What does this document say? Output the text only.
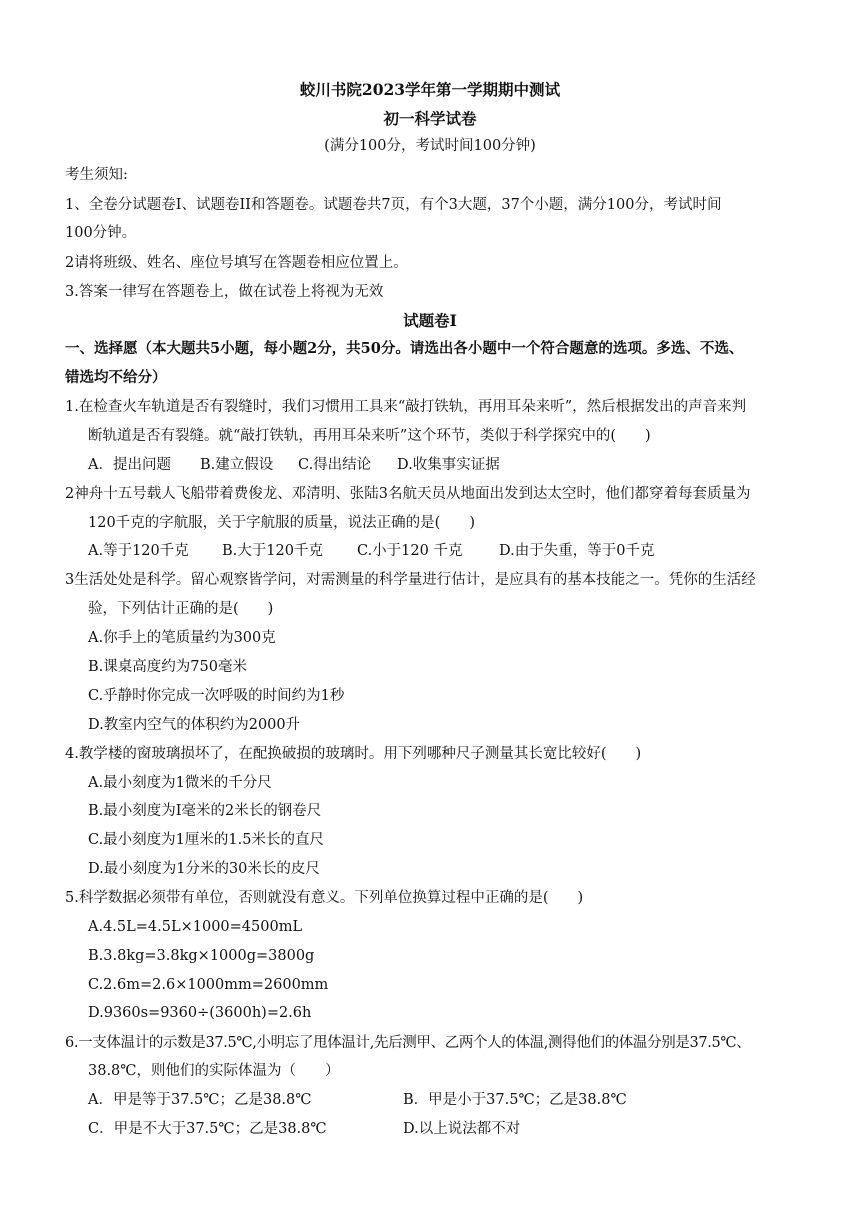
蛟川书院2023学年第一学期期中测试
初一科学试卷
(满分100分，考试时间100分钟)
考生须知:
1、全卷分试题卷I、试题卷II和答题卷。试题卷共7页，有个3大题，37个小题，满分100分，考试时间
100分钟。
2请将班级、姓名、座位号填写在答题卷相应位置上。
3.答案一律写在答题卷上，做在试卷上将视为无效
试题卷Ⅰ
一、选择愿（本大题共5小题，每小题2分，共50分。请选出各小题中一个符合题意的选项。多选、不选、
错选均不给分）
1.在检查火车轨道是否有裂缝时，我们习惯用工具来“敲打铁轨，再用耳朵来听”，然后根据发出的声音来判
断轨道是否有裂缝。就“敲打铁轨，再用耳朵来听”这个环节，类似于科学探究中的(　　)
A．提出问题 B.建立假设 C.得出结论 D.收集事实证据
2神舟十五号载人飞船带着费俊龙、邓清明、张陆3名航天员从地面出发到达太空时，他们都穿着每套质量为
120千克的字航服，关于字航服的质量，说法正确的是(　　)
A.等于120千克 B.大于120千克 C.小于120 千克	D.由于失重，等于0千克
3生活处处是科学。留心观察皆学问，对需测量的科学量进行估计，是应具有的基本技能之一。凭你的生活经
验，下列估计正确的是(　　)
A.你手上的笔质量约为300克
B.课桌高度约为750毫米
C.乎静时你完成一次呼吸的时间约为1秒
D.教室内空气的体积约为2000升
4.教学楼的窗玻璃损坏了，在配换破损的玻璃时。用下列哪种尺子测量其长宽比较好(　　)
A.最小刻度为1微米的千分尺
B.最小刻度为I毫米的2米长的钢卷尺
C.最小刻度为1厘米的1.5米长的直尺
D.最小刻度为1分米的30米长的皮尺
5.科学数据必须带有单位，否则就没有意义。下列单位换算过程中正确的是(　　)
A.4.5L=4.5L×1000=4500mL
B.3.8kg=3.8kg×1000g=3800g
C.2.6m=2.6×1000mm=2600mm
D.9360s=9360÷(3600h)=2.6h
6.一支体温计的示数是37.5℃,小明忘了甩体温计,先后测甲、乙两个人的体温,测得他们的体温分别是37.5℃、
38.8℃，则他们的实际体温为（　　）
A．甲是等于37.5℃；乙是38.8℃	B．甲是小于37.5℃；乙是38.8℃
C．甲是不大于37.5℃；乙是38.8℃	D.以上说法都不对
